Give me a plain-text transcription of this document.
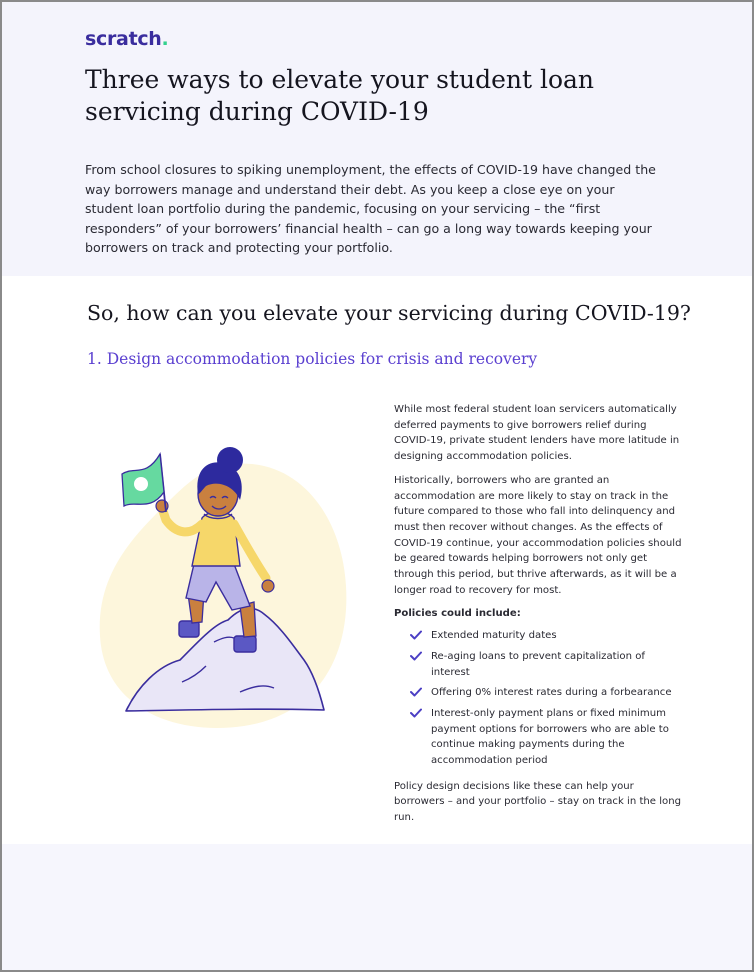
scratch.
Three ways to elevate your student loan servicing during COVID-19

From school closures to spiking unemployment, the effects of COVID-19 have changed the way borrowers manage and understand their debt. As you keep a close eye on your student loan portfolio during the pandemic, focusing on your servicing – the “first responders” of your borrowers’ financial health – can go a long way towards keeping your borrowers on track and protecting your portfolio.

So, how can you elevate your servicing during COVID-19?
1. Design accommodation policies for crisis and recovery

While most federal student loan servicers automatically deferred payments to give borrowers relief during COVID-19, private student lenders have more latitude in designing accommodation policies.

Historically, borrowers who are granted an accommodation are more likely to stay on track in the future compared to those who fall into delinquency and must then recover without changes. As the effects of COVID-19 continue, your accommodation policies should be geared towards helping borrowers not only get through this period, but thrive afterwards, as it will be a longer road to recovery for most.

Policies could include:

Extended maturity dates
Re-aging loans to prevent capitalization of interest
Offering 0% interest rates during a forbearance
Interest-only payment plans or fixed minimum payment options for borrowers who are able to continue making payments during the accommodation period

Policy design decisions like these can help your borrowers – and your portfolio – stay on track in the long run.
